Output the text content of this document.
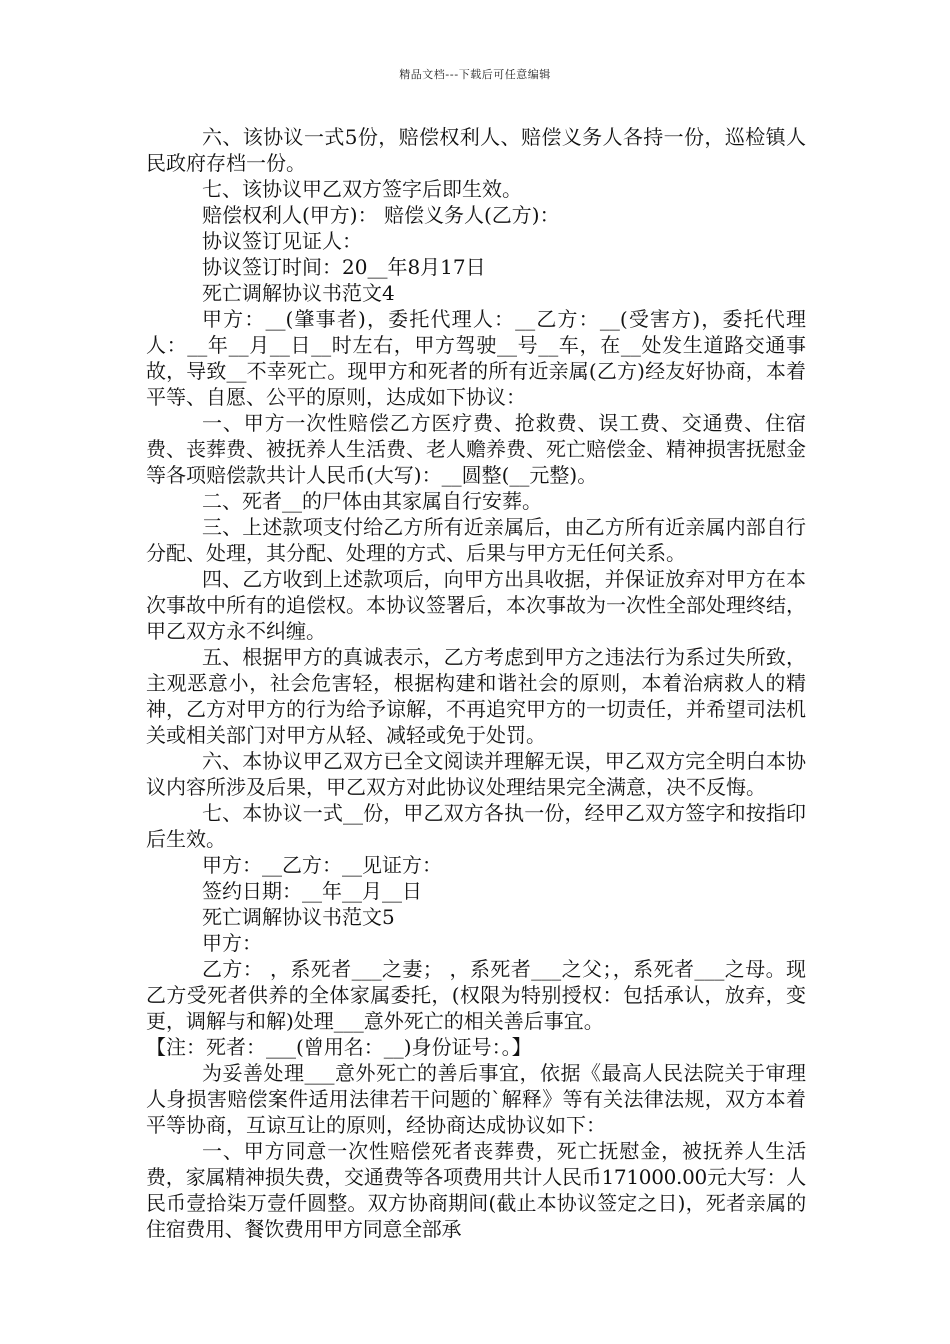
精品文档---下载后可任意编辑

六、该协议一式5份，赔偿权利人、赔偿义务人各持一份，巡检镇人民政府存档一份。

七、该协议甲乙双方签字后即生效。

赔偿权利人(甲方)： 赔偿义务人(乙方)：

协议签订见证人：

协议签订时间：20__年8月17日

死亡调解协议书范文4

甲方：__(肇事者)，委托代理人：__乙方：__(受害方)，委托代理人：__年__月__日__时左右，甲方驾驶__号__车，在__处发生道路交通事故，导致__不幸死亡。现甲方和死者的所有近亲属(乙方)经友好协商，本着平等、自愿、公平的原则，达成如下协议：

一、甲方一次性赔偿乙方医疗费、抢救费、误工费、交通费、住宿费、丧葬费、被抚养人生活费、老人赡养费、死亡赔偿金、精神损害抚慰金等各项赔偿款共计人民币(大写)：__圆整(__元整)。

二、死者__的尸体由其家属自行安葬。

三、上述款项支付给乙方所有近亲属后，由乙方所有近亲属内部自行分配、处理，其分配、处理的方式、后果与甲方无任何关系。

四、乙方收到上述款项后，向甲方出具收据，并保证放弃对甲方在本次事故中所有的追偿权。本协议签署后，本次事故为一次性全部处理终结，甲乙双方永不纠缠。

五、根据甲方的真诚表示，乙方考虑到甲方之违法行为系过失所致，主观恶意小，社会危害轻，根据构建和谐社会的原则，本着治病救人的精神，乙方对甲方的行为给予谅解，不再追究甲方的一切责任，并希望司法机关或相关部门对甲方从轻、减轻或免于处罚。

六、本协议甲乙双方已全文阅读并理解无误，甲乙双方完全明白本协议内容所涉及后果，甲乙双方对此协议处理结果完全满意，决不反悔。

七、本协议一式__份，甲乙双方各执一份，经甲乙双方签字和按指印后生效。

甲方：__乙方：__见证方：

签约日期：__年__月__日

死亡调解协议书范文5

甲方：

乙方： ，系死者___之妻； ，系死者___之父；，系死者___之母。现乙方受死者供养的全体家属委托，(权限为特别授权：包括承认，放弃，变更，调解与和解)处理___意外死亡的相关善后事宜。

【注：死者：___(曾用名：__)身份证号：。】

为妥善处理___意外死亡的善后事宜，依据《最高人民法院关于审理人身损害赔偿案件适用法律若干问题的`解释》等有关法律法规，双方本着平等协商，互谅互让的原则，经协商达成协议如下：

一、甲方同意一次性赔偿死者丧葬费，死亡抚慰金，被抚养人生活费，家属精神损失费，交通费等各项费用共计人民币171000.00元大写：人民币壹拾柒万壹仟圆整。双方协商期间(截止本协议签定之日)，死者亲属的住宿费用、餐饮费用甲方同意全部承
